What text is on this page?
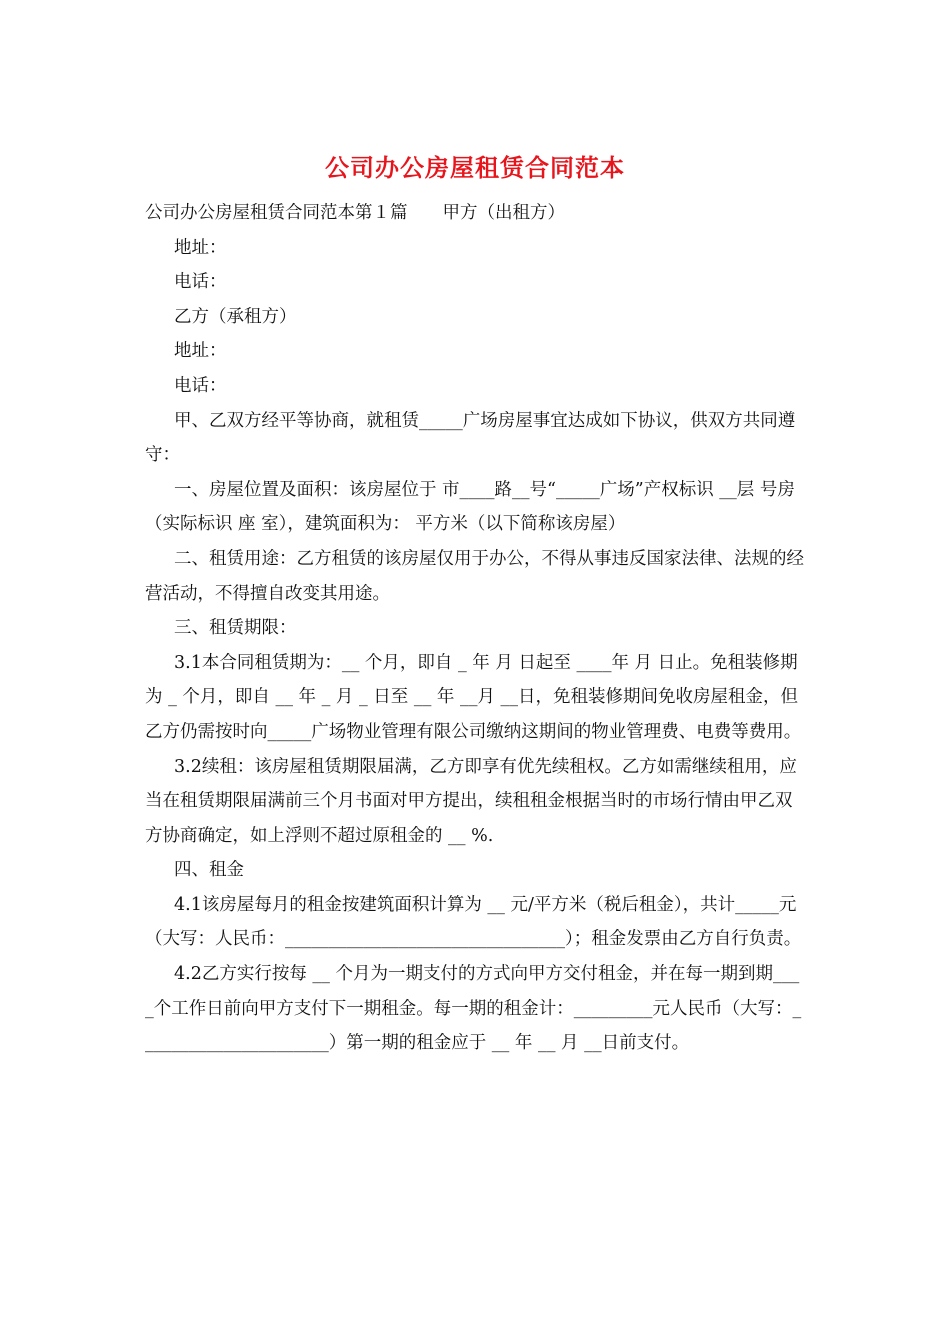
公司办公房屋租赁合同范本

公司办公房屋租赁合同范本第１篇　　甲方（出租方）

地址：

电话：

乙方（承租方）

地址：

电话：

甲、乙双方经平等协商，就租赁_____广场房屋事宜达成如下协议，供双方共同遵守：

一、房屋位置及面积：该房屋位于 市____路__号“_____广场”产权标识 __层 号房（实际标识 座 室），建筑面积为： 平方米（以下简称该房屋）

二、租赁用途：乙方租赁的该房屋仅用于办公，不得从事违反国家法律、法规的经营活动，不得擅自改变其用途。

三、租赁期限：

3.1本合同租赁期为：__ 个月，即自 _ 年 月 日起至 ____年 月 日止。免租装修期为 _ 个月，即自 __ 年 _ 月 _ 日至 __ 年 __月 __日，免租装修期间免收房屋租金，但乙方仍需按时向_____广场物业管理有限公司缴纳这期间的物业管理费、电费等费用。

3.2续租：该房屋租赁期限届满，乙方即享有优先续租权。乙方如需继续租用，应当在租赁期限届满前三个月书面对甲方提出，续租租金根据当时的市场行情由甲乙双方协商确定，如上浮则不超过原租金的 __ %.

四、租金

4.1该房屋每月的租金按建筑面积计算为 __ 元/平方米（税后租金），共计_____元（大写：人民币：________________________________）；租金发票由乙方自行负责。

4.2乙方实行按每 __ 个月为一期支付的方式向甲方交付租金，并在每一期到期____个工作日前向甲方支付下一期租金。每一期的租金计：_________元人民币（大写：______________________）第一期的租金应于 __ 年 __ 月 __日前支付。
